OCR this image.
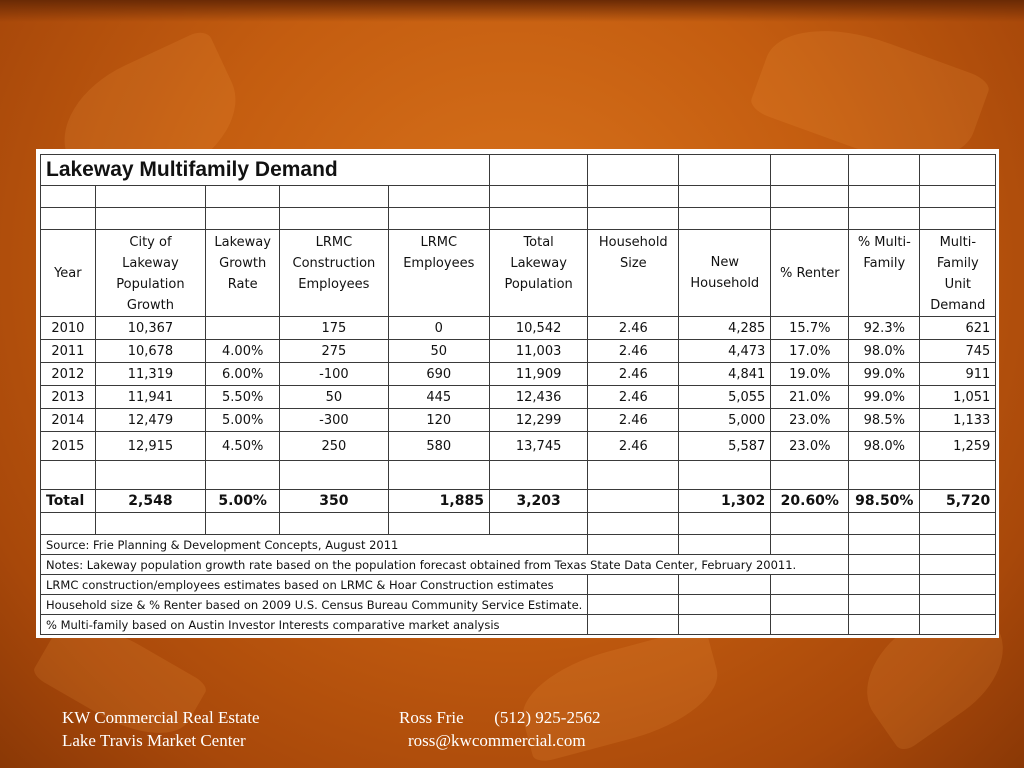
Lakeway Multifamily Demand										

Year	City of Lakeway Population Growth	Lakeway Growth Rate	LRMC Construction Employees	LRMC Employees	Total Lakeway Population	Household Size	New Household	% Renter	% Multi-Family	Multi-Family Unit Demand
2010	10,367		175	0	10,542	2.46	4,285	15.7%	92.3%	621
2011	10,678	4.00%	275	50	11,003	2.46	4,473	17.0%	98.0%	745
2012	11,319	6.00%	-100	690	11,909	2.46	4,841	19.0%	99.0%	911
2013	11,941	5.50%	50	445	12,436	2.46	5,055	21.0%	99.0%	1,051
2014	12,479	5.00%	-300	120	12,299	2.46	5,000	23.0%	98.5%	1,133
2015	12,915	4.50%	250	580	13,745	2.46	5,587	23.0%	98.0%	1,259

Total	2,548	5.00%	350	1,885	3,203		1,302	20.60%	98.50%	5,720

Source: Frie Planning & Development Concepts, August 2011										
Notes: Lakeway population growth rate based on the population forecast obtained from Texas State Data Center, February 20011.										
LRMC construction/employees estimates based on LRMC & Hoar Construction estimates										
Household size & % Renter based on 2009 U.S. Census Bureau Community Service Estimate.										
% Multi-family based on Austin Investor Interests comparative market analysis										
KW Commercial Real Estate
Lake Travis Market Center
Ross Frie (512) 925-2562
ross@kwcommercial.com
